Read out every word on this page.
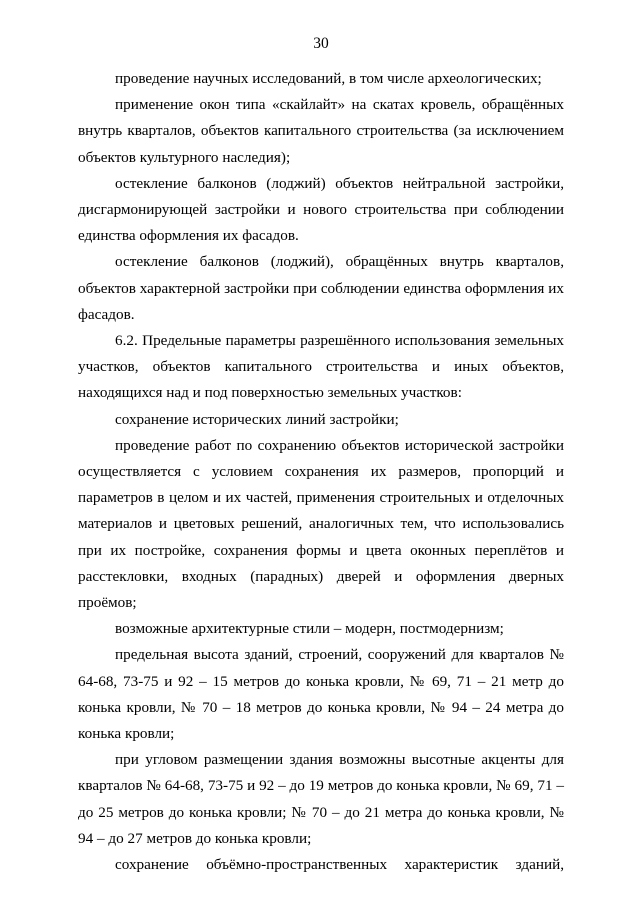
30

проведение научных исследований, в том числе археологических;

применение окон типа «скайлайт» на скатах кровель, обращённых внутрь кварталов, объектов капитального строительства (за исключением объектов культурного наследия);

остекление балконов (лоджий) объектов нейтральной застройки, дисгармонирующей застройки и нового строительства при соблюдении единства оформления их фасадов.

остекление балконов (лоджий), обращённых внутрь кварталов, объектов характерной застройки при соблюдении единства оформления их фасадов.

6.2. Предельные параметры разрешённого использования земельных участков, объектов капитального строительства и иных объектов, находящихся над и под поверхностью земельных участков:

сохранение исторических линий застройки;

проведение работ по сохранению объектов исторической застройки осуществляется с условием сохранения их размеров, пропорций и параметров в целом и их частей, применения строительных и отделочных материалов и цветовых решений, аналогичных тем, что использовались при их постройке, сохранения формы и цвета оконных переплётов и расстекловки, входных (парадных) дверей и оформления дверных проёмов;

возможные архитектурные стили – модерн, постмодернизм;

предельная высота зданий, строений, сооружений для кварталов № 64-68, 73-75 и 92 – 15 метров до конька кровли, № 69, 71 – 21 метр до конька кровли, № 70 – 18 метров до конька кровли, № 94 – 24 метра до конька кровли;

при угловом размещении здания возможны высотные акценты для кварталов № 64-68, 73-75 и 92 – до 19 метров до конька кровли, № 69, 71 – до 25 метров до конька кровли; № 70 – до 21 метра до конька кровли, № 94 – до 27 метров до конька кровли;

сохранение объёмно-пространственных характеристик зданий,
